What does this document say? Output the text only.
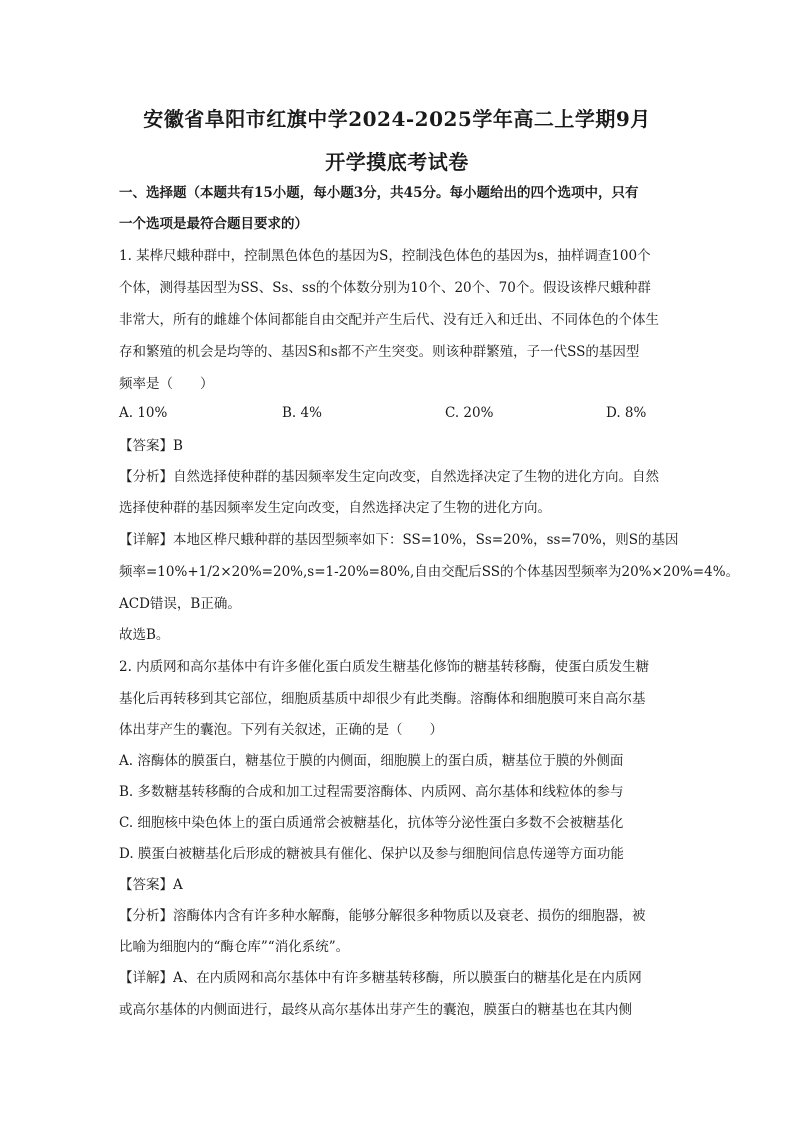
安徽省阜阳市红旗中学2024-2025学年高二上学期9月
开学摸底考试卷
一、选择题（本题共有15小题，每小题3分，共45分。每小题给出的四个选项中，只有
一个选项是最符合题目要求的）
1. 某桦尺蛾种群中，控制黑色体色的基因为S，控制浅色体色的基因为s，抽样调查100个
个体，测得基因型为SS、Ss、ss的个体数分别为10个、20个、70个。假设该桦尺蛾种群
非常大，所有的雌雄个体间都能自由交配并产生后代、没有迁入和迁出、不同体色的个体生
存和繁殖的机会是均等的、基因S和s都不产生突变。则该种群繁殖，子一代SS的基因型
频率是（　　）
A. 10%	B. 4%	C. 20%	D. 8%
【答案】B
【分析】自然选择使种群的基因频率发生定向改变，自然选择决定了生物的进化方向。自然
选择使种群的基因频率发生定向改变，自然选择决定了生物的进化方向。
【详解】本地区桦尺蛾种群的基因型频率如下：SS=10%，Ss=20%，ss=70%，则S的基因
频率=10%+1/2×20%=20%,s=1-20%=80%,自由交配后SS的个体基因型频率为20%×20%=4%。
ACD错误，B正确。
故选B。
2. 内质网和高尔基体中有许多催化蛋白质发生糖基化修饰的糖基转移酶，使蛋白质发生糖
基化后再转移到其它部位，细胞质基质中却很少有此类酶。溶酶体和细胞膜可来自高尔基
体出芽产生的囊泡。下列有关叙述，正确的是（　　）
A. 溶酶体的膜蛋白，糖基位于膜的内侧面，细胞膜上的蛋白质，糖基位于膜的外侧面
B. 多数糖基转移酶的合成和加工过程需要溶酶体、内质网、高尔基体和线粒体的参与
C. 细胞核中染色体上的蛋白质通常会被糖基化，抗体等分泌性蛋白多数不会被糖基化
D. 膜蛋白被糖基化后形成的糖被具有催化、保护以及参与细胞间信息传递等方面功能
【答案】A
【分析】溶酶体内含有许多种水解酶，能够分解很多种物质以及衰老、损伤的细胞器，被
比喻为细胞内的“酶仓库”“消化系统”。
【详解】A、在内质网和高尔基体中有许多糖基转移酶，所以膜蛋白的糖基化是在内质网
或高尔基体的内侧面进行，最终从高尔基体出芽产生的囊泡，膜蛋白的糖基也在其内侧
